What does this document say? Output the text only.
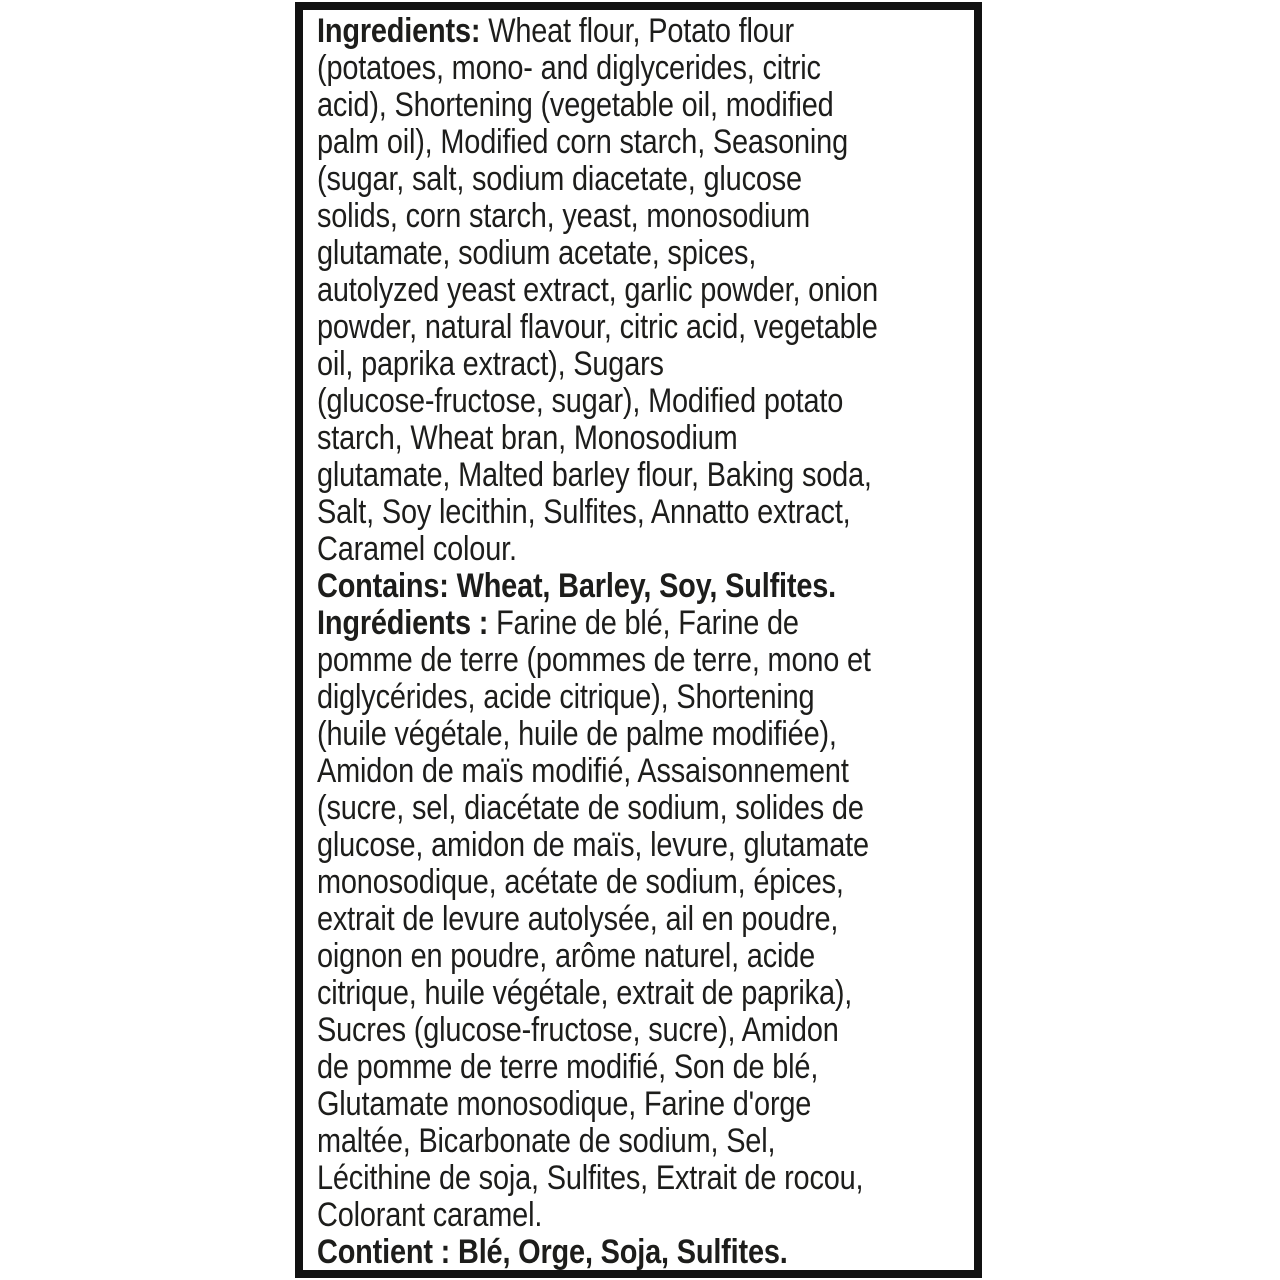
Ingredients: Wheat flour, Potato flour
(potatoes, mono- and diglycerides, citric
acid), Shortening (vegetable oil, modified
palm oil), Modified corn starch, Seasoning
(sugar, salt, sodium diacetate, glucose
solids, corn starch, yeast, monosodium
glutamate, sodium acetate, spices,
autolyzed yeast extract, garlic powder, onion
powder, natural flavour, citric acid, vegetable
oil, paprika extract), Sugars
(glucose-fructose, sugar), Modified potato
starch, Wheat bran, Monosodium
glutamate, Malted barley flour, Baking soda,
Salt, Soy lecithin, Sulfites, Annatto extract,
Caramel colour.
Contains: Wheat, Barley, Soy, Sulfites.
Ingrédients : Farine de blé, Farine de
pomme de terre (pommes de terre, mono et
diglycérides, acide citrique), Shortening
(huile végétale, huile de palme modifiée),
Amidon de maïs modifié, Assaisonnement
(sucre, sel, diacétate de sodium, solides de
glucose, amidon de maïs, levure, glutamate
monosodique, acétate de sodium, épices,
extrait de levure autolysée, ail en poudre,
oignon en poudre, arôme naturel, acide
citrique, huile végétale, extrait de paprika),
Sucres (glucose-fructose, sucre), Amidon
de pomme de terre modifié, Son de blé,
Glutamate monosodique, Farine d'orge
maltée, Bicarbonate de sodium, Sel,
Lécithine de soja, Sulfites, Extrait de rocou,
Colorant caramel.
Contient : Blé, Orge, Soja, Sulfites.
